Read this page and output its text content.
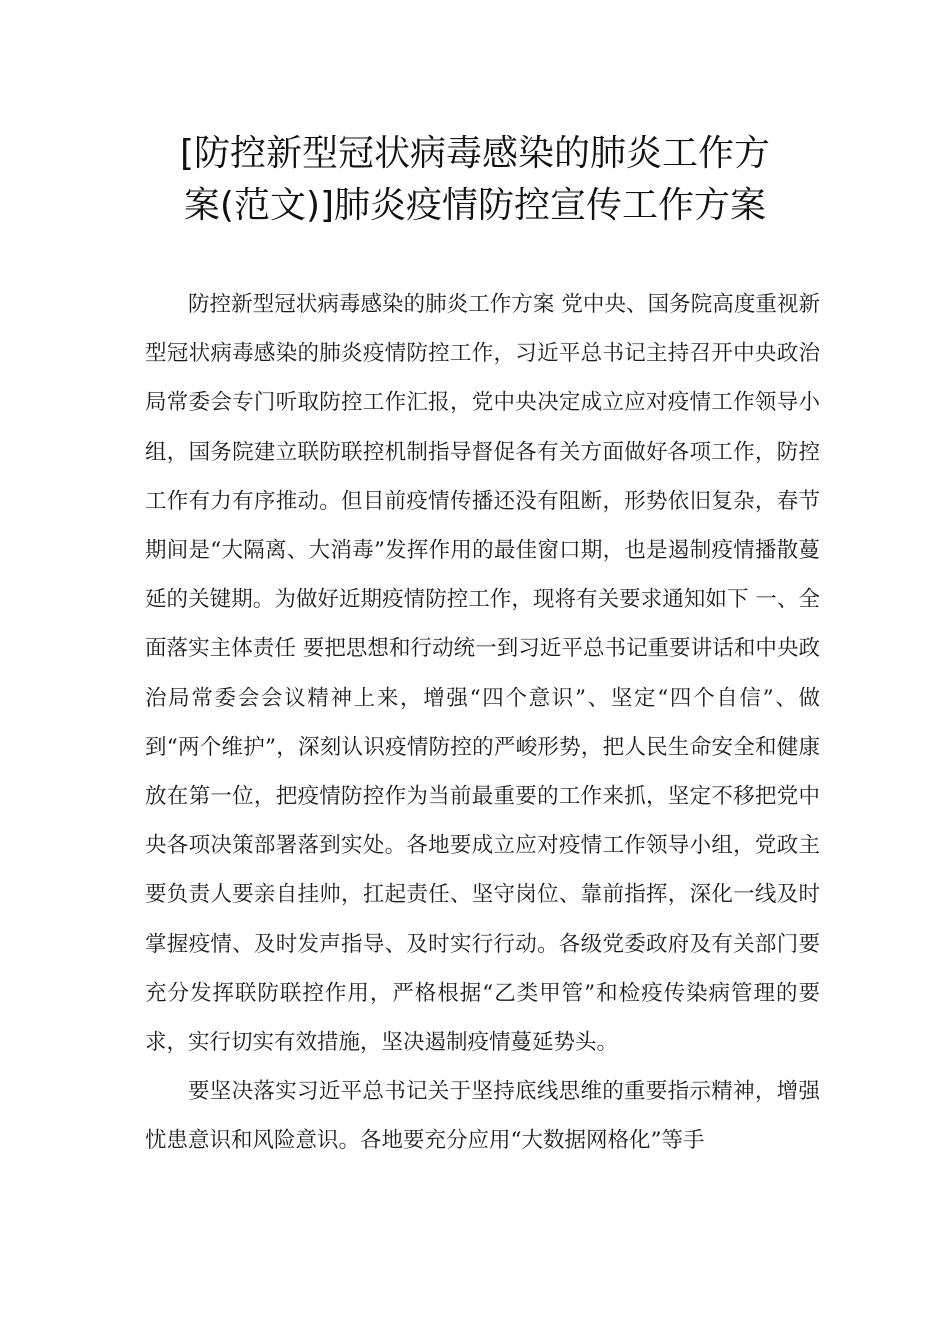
[防控新型冠状病毒感染的肺炎工作方
案(范文)]肺炎疫情防控宣传工作方案

防控新型冠状病毒感染的肺炎工作方案 党中央、国务院高度重视新型冠状病毒感染的肺炎疫情防控工作，习近平总书记主持召开中央政治局常委会专门听取防控工作汇报，党中央决定成立应对疫情工作领导小组，国务院建立联防联控机制指导督促各有关方面做好各项工作，防控工作有力有序推动。但目前疫情传播还没有阻断，形势依旧复杂，春节期间是“大隔离、大消毒”发挥作用的最佳窗口期，也是遏制疫情播散蔓延的关键期。为做好近期疫情防控工作，现将有关要求通知如下 一、全面落实主体责任 要把思想和行动统一到习近平总书记重要讲话和中央政治局常委会会议精神上来，增强“四个意识”、坚定“四个自信”、做到“两个维护”，深刻认识疫情防控的严峻形势，把人民生命安全和健康放在第一位，把疫情防控作为当前最重要的工作来抓，坚定不移把党中央各项决策部署落到实处。各地要成立应对疫情工作领导小组，党政主要负责人要亲自挂帅，扛起责任、坚守岗位、靠前指挥，深化一线及时掌握疫情、及时发声指导、及时实行行动。各级党委政府及有关部门要充分发挥联防联控作用，严格根据“乙类甲管”和检疫传染病管理的要求，实行切实有效措施，坚决遏制疫情蔓延势头。

要坚决落实习近平总书记关于坚持底线思维的重要指示精神，增强忧患意识和风险意识。各地要充分应用“大数据网格化”等手
